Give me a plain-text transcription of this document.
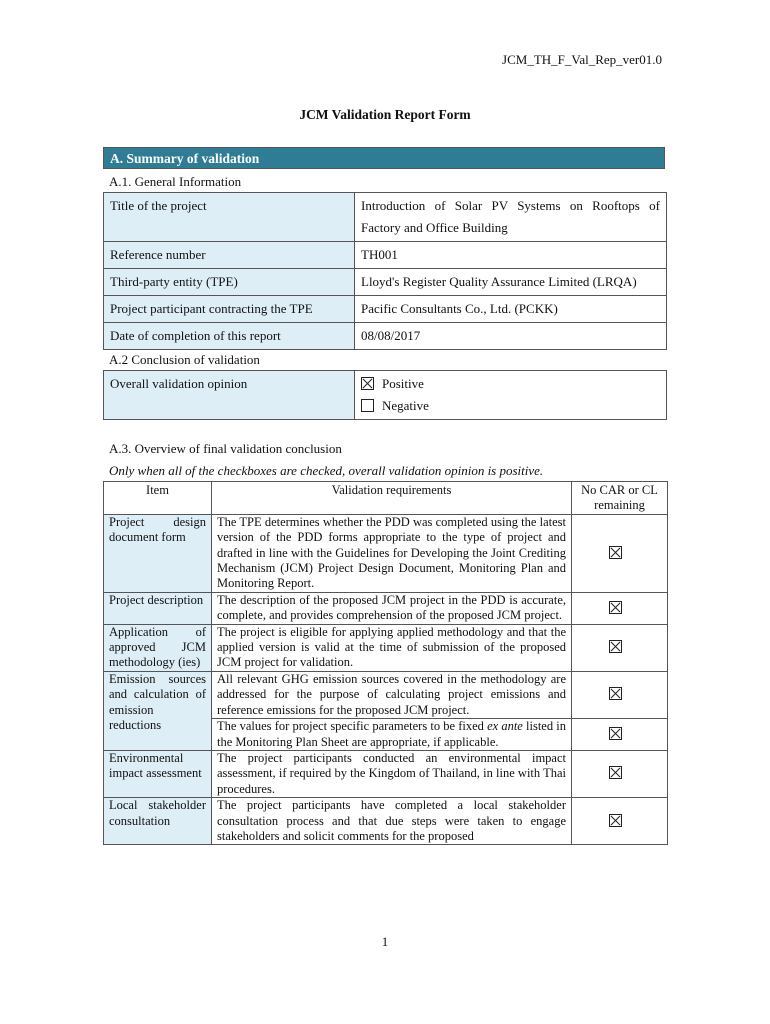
JCM_TH_F_Val_Rep_ver01.0
JCM Validation Report Form
A. Summary of validation
A.1. General Information
Title of the project	Introduction of Solar PV Systems on Rooftops of Factory and Office Building
Reference number	TH001
Third-party entity (TPE)	Lloyd's Register Quality Assurance Limited (LRQA)
Project participant contracting the TPE	Pacific Consultants Co., Ltd. (PCKK)
Date of completion of this report	08/08/2017
A.2 Conclusion of validation
Overall validation opinion	Positive
Negative
A.3. Overview of final validation conclusion
Only when all of the checkboxes are checked, overall validation opinion is positive.
Item	Validation requirements	No CAR or CL remaining
Project design document form	The TPE determines whether the PDD was completed using the latest version of the PDD forms appropriate to the type of project and drafted in line with the Guidelines for Developing the Joint Crediting Mechanism (JCM) Project Design Document, Monitoring Plan and Monitoring Report.	
Project description	The description of the proposed JCM project in the PDD is accurate, complete, and provides comprehension of the proposed JCM project.	
Application of approved JCM methodology (ies)	The project is eligible for applying applied methodology and that the applied version is valid at the time of submission of the proposed JCM project for validation.	
Emission sources and calculation of emission reductions	All relevant GHG emission sources covered in the methodology are addressed for the purpose of calculating project emissions and reference emissions for the proposed JCM project.	
	The values for project specific parameters to be fixed ex ante listed in the Monitoring Plan Sheet are appropriate, if applicable.	
Environmental impact assessment	The project participants conducted an environmental impact assessment, if required by the Kingdom of Thailand, in line with Thai procedures.	
Local stakeholder consultation	The project participants have completed a local stakeholder consultation process and that due steps were taken to engage stakeholders and solicit comments for the proposed	
1
